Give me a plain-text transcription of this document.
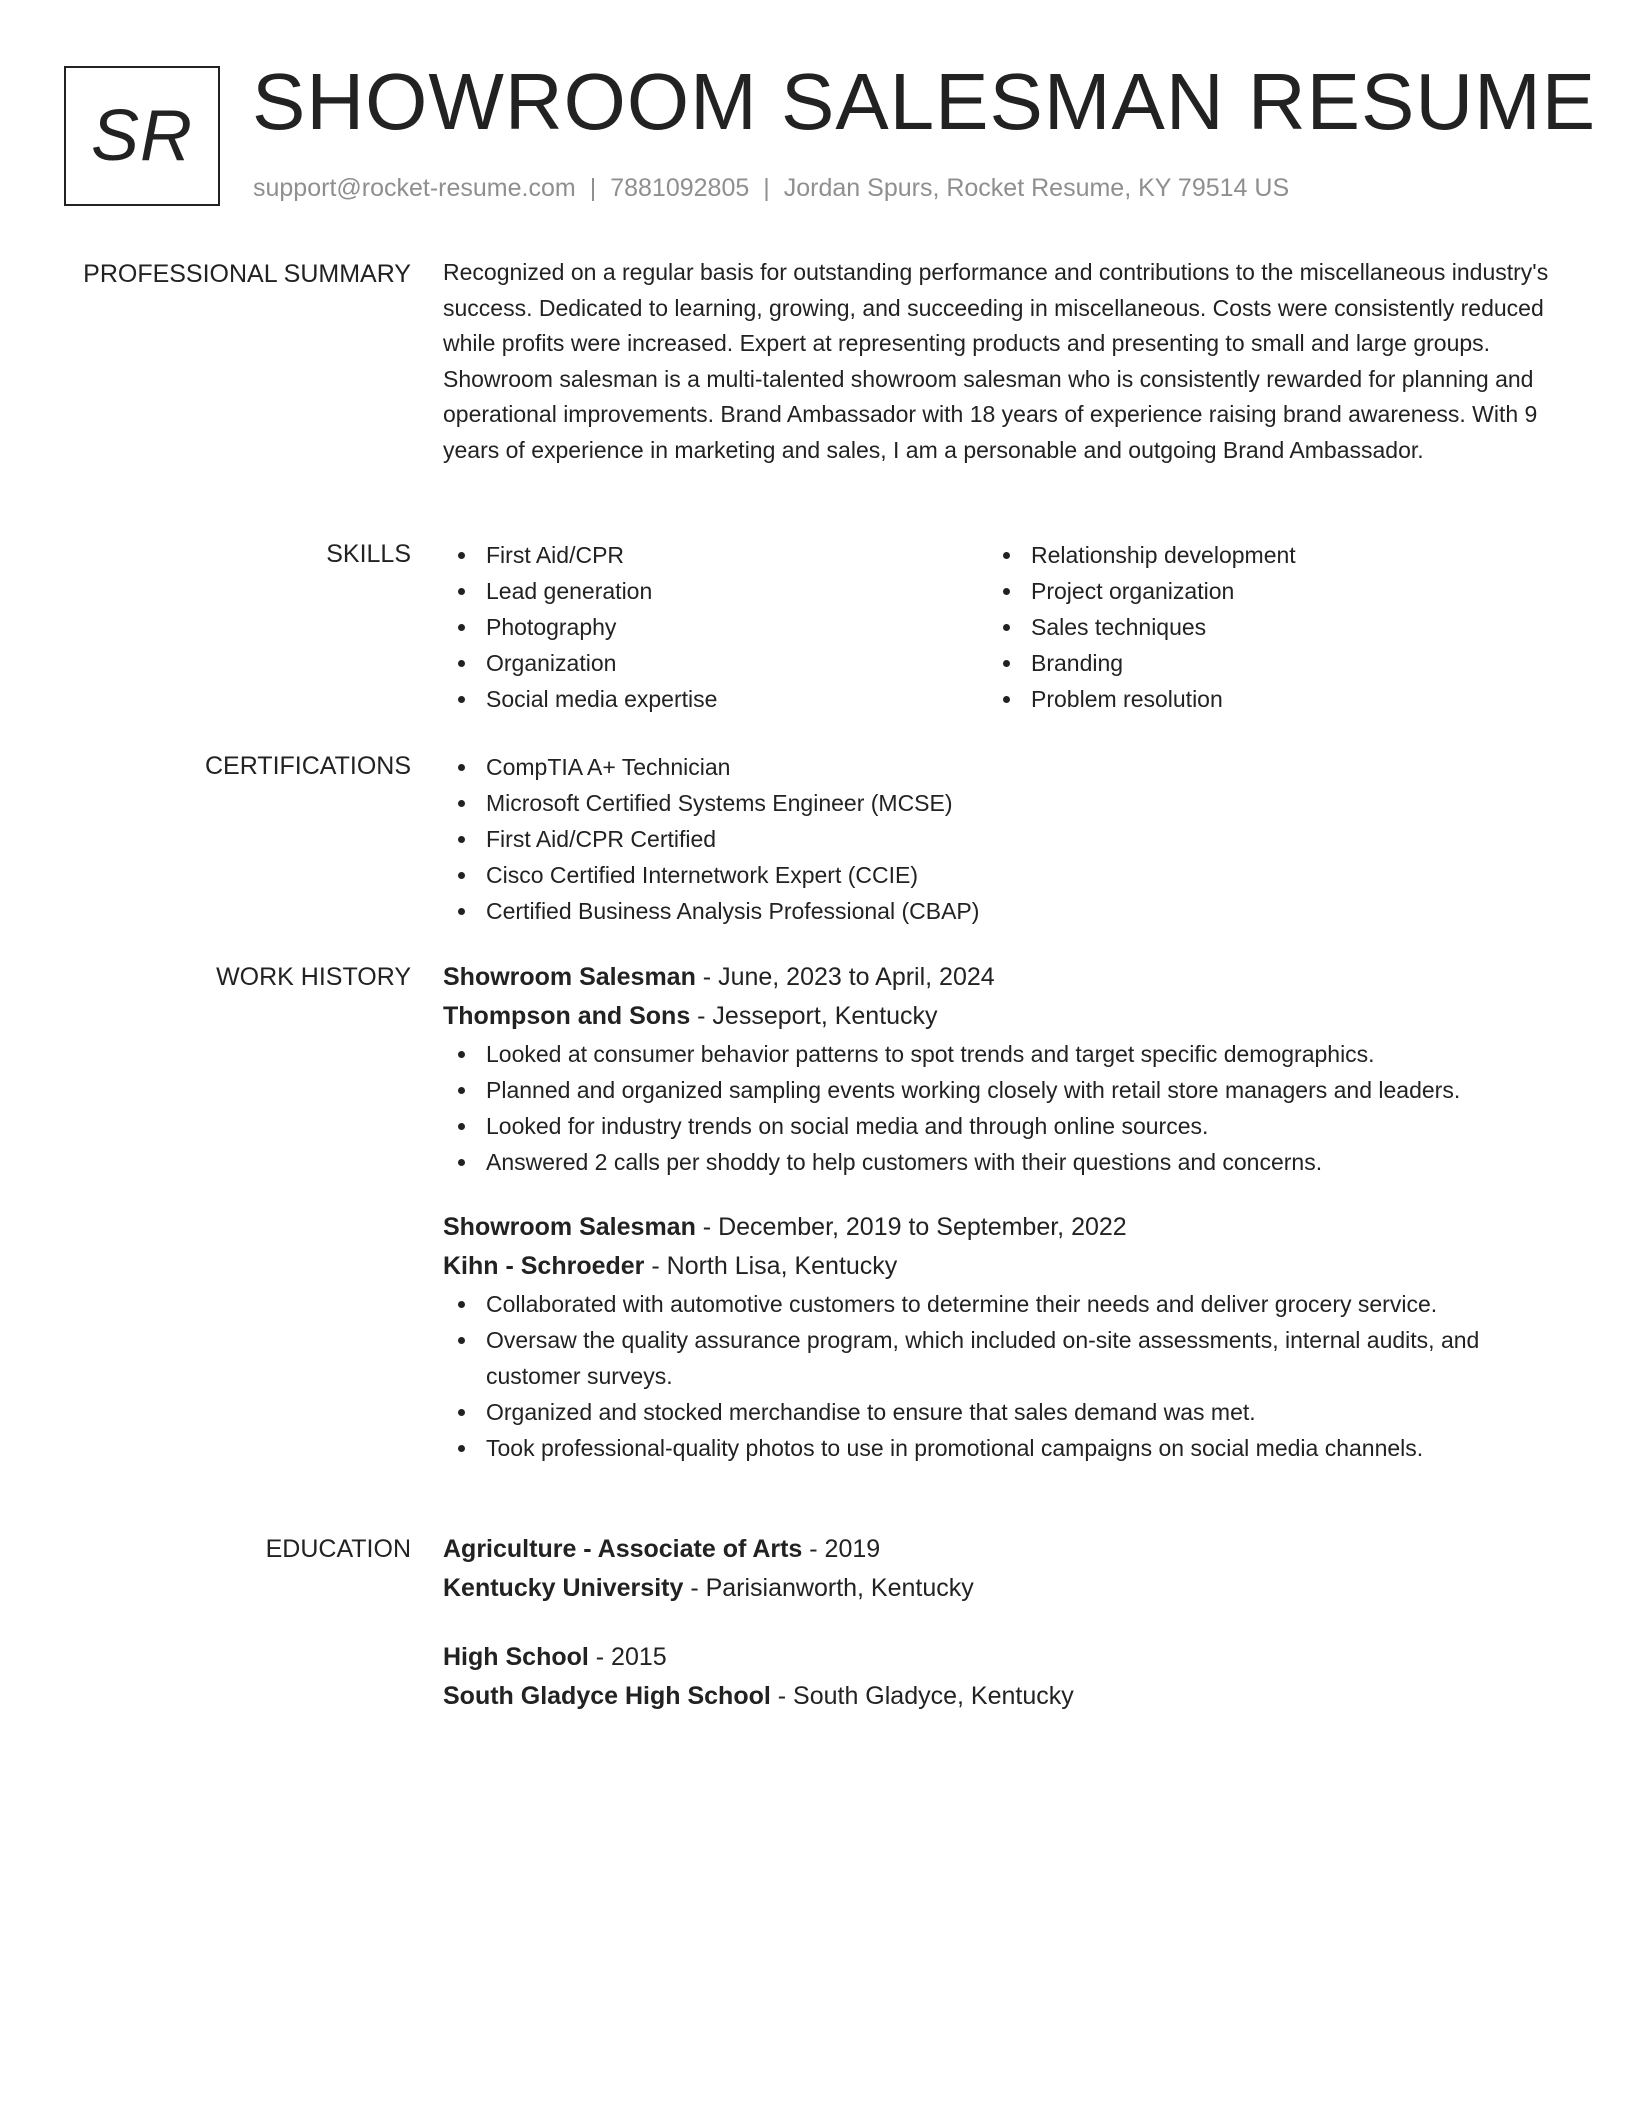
SR SHOWROOM SALESMAN RESUME
support@rocket-resume.com | 7881092805 | Jordan Spurs, Rocket Resume, KY 79514 US
PROFESSIONAL SUMMARY Recognized on a regular basis for outstanding performance and contributions to the miscellaneous industry's success. Dedicated to learning, growing, and succeeding in miscellaneous. Costs were consistently reduced while profits were increased. Expert at representing products and presenting to small and large groups. Showroom salesman is a multi-talented showroom salesman who is consistently rewarded for planning and operational improvements. Brand Ambassador with 18 years of experience raising brand awareness. With 9 years of experience in marketing and sales, I am a personable and outgoing Brand Ambassador.

SKILLS	First Aid/CPR
Lead generation
Photography
Organization
Social media expertise
Relationship development
Project organization
Sales techniques
Branding
Problem resolution
CERTIFICATIONS	CompTIA A+ Technician
Microsoft Certified Systems Engineer (MCSE)
First Aid/CPR Certified
Cisco Certified Internetwork Expert (CCIE)
Certified Business Analysis Professional (CBAP)
WORK HISTORY Showroom Salesman - June, 2023 to April, 2024
Thompson and Sons - Jesseport, Kentucky
Looked at consumer behavior patterns to spot trends and target specific demographics.
Planned and organized sampling events working closely with retail store managers and leaders.
Looked for industry trends on social media and through online sources.
Answered 2 calls per shoddy to help customers with their questions and concerns.
Showroom Salesman - December, 2019 to September, 2022
Kihn - Schroeder - North Lisa, Kentucky
Collaborated with automotive customers to determine their needs and deliver grocery service.
Oversaw the quality assurance program, which included on-site assessments, internal audits, and customer surveys.
Organized and stocked merchandise to ensure that sales demand was met.
Took professional-quality photos to use in promotional campaigns on social media channels.
EDUCATION Agriculture - Associate of Arts - 2019
Kentucky University - Parisianworth, Kentucky
High School - 2015
South Gladyce High School - South Gladyce, Kentucky
